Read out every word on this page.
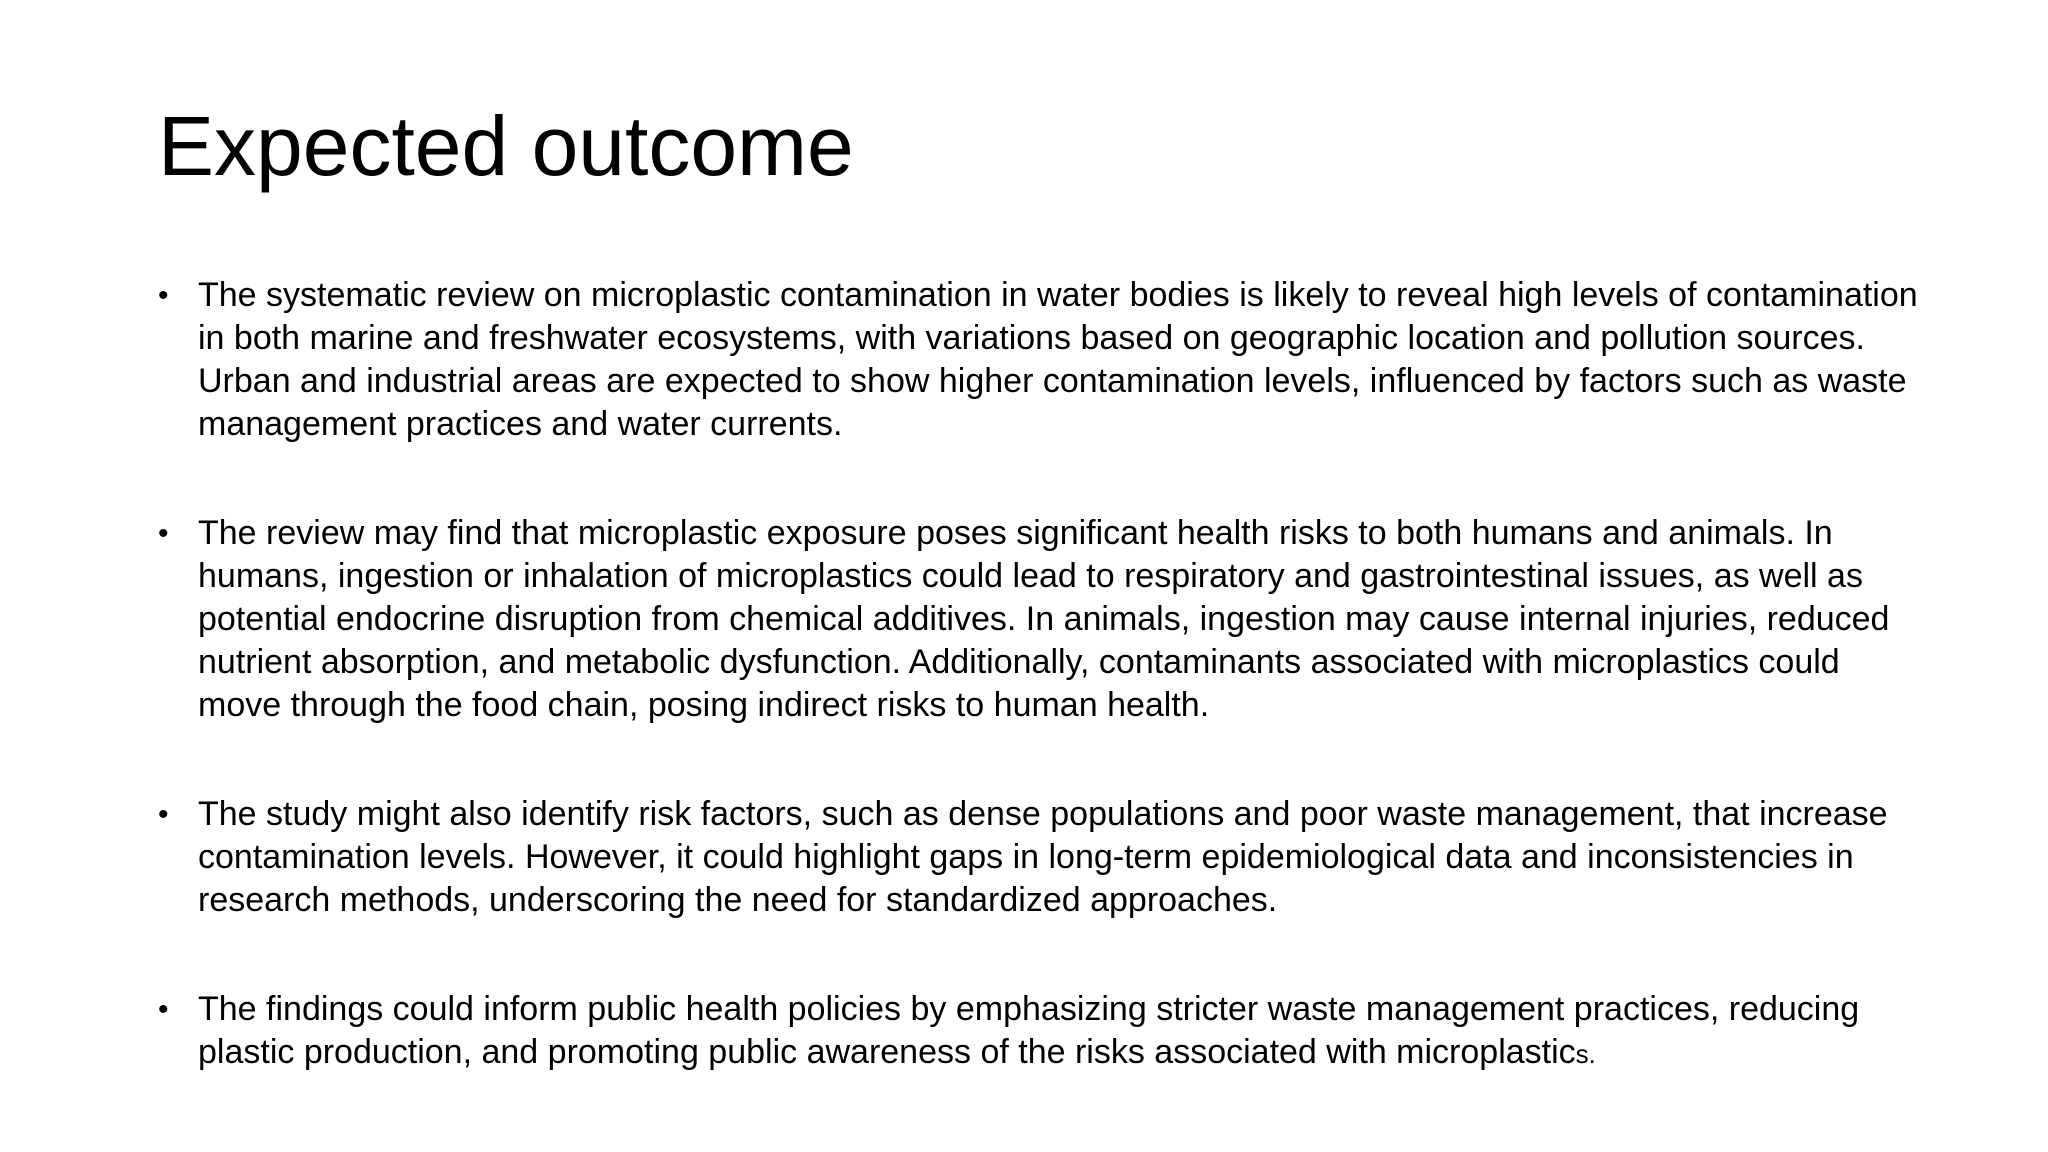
Expected outcome
• The systematic review on microplastic contamination in water bodies is likely to reveal high levels of contamination in both marine and freshwater ecosystems, with variations based on geographic location and pollution sources. Urban and industrial areas are expected to show higher contamination levels, influenced by factors such as waste management practices and water currents.
• The review may find that microplastic exposure poses significant health risks to both humans and animals. In humans, ingestion or inhalation of microplastics could lead to respiratory and gastrointestinal issues, as well as potential endocrine disruption from chemical additives. In animals, ingestion may cause internal injuries, reduced nutrient absorption, and metabolic dysfunction. Additionally, contaminants associated with microplastics could move through the food chain, posing indirect risks to human health.
• The study might also identify risk factors, such as dense populations and poor waste management, that increase contamination levels. However, it could highlight gaps in long-term epidemiological data and inconsistencies in research methods, underscoring the need for standardized approaches.
• The findings could inform public health policies by emphasizing stricter waste management practices, reducing plastic production, and promoting public awareness of the risks associated with microplastics.
